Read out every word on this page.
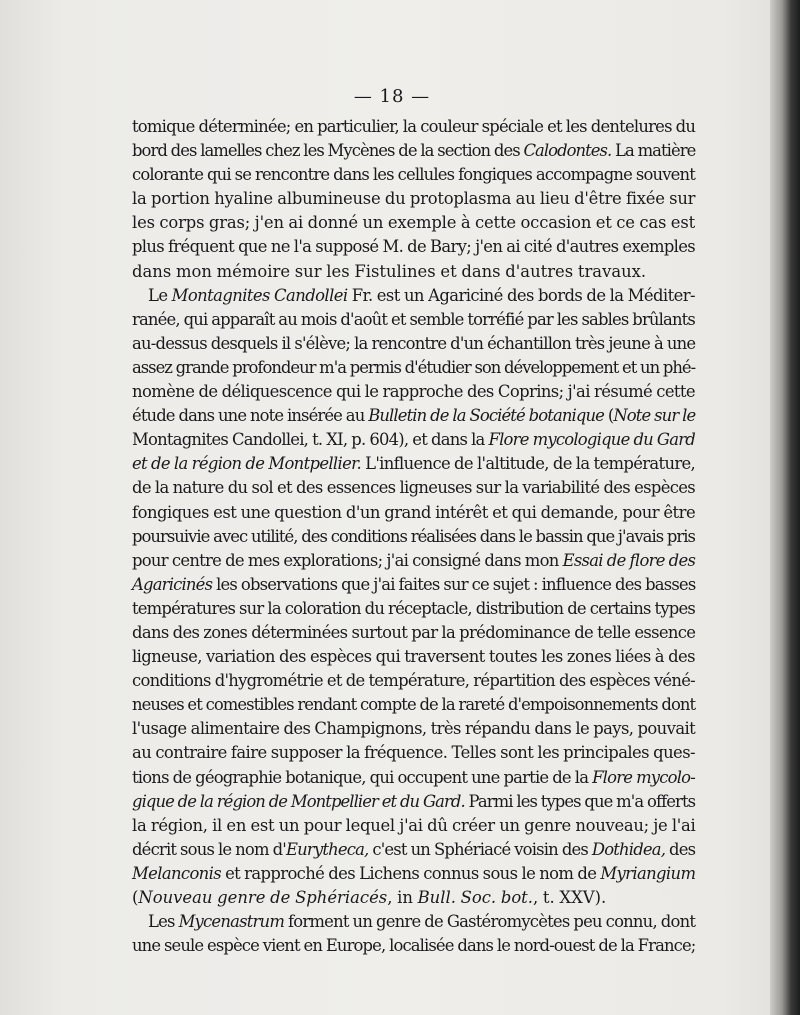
— 18 —
tomique déterminée; en particulier, la couleur spéciale et les dentelures du
bord des lamelles chez les Mycènes de la section des Calodontes. La matière
colorante qui se rencontre dans les cellules fongiques accompagne souvent
la portion hyaline albumineuse du protoplasma au lieu d'être fixée sur
les corps gras; j'en ai donné un exemple à cette occasion et ce cas est
plus fréquent que ne l'a supposé M. de Bary; j'en ai cité d'autres exemples
dans mon mémoire sur les Fistulines et dans d'autres travaux.
Le Montagnites Candollei Fr. est un Agariciné des bords de la Méditer-
ranée, qui apparaît au mois d'août et semble torréfié par les sables brûlants
au-dessus desquels il s'élève; la rencontre d'un échantillon très jeune à une
assez grande profondeur m'a permis d'étudier son développement et un phé-
nomène de déliquescence qui le rapproche des Coprins; j'ai résumé cette
étude dans une note insérée au Bulletin de la Société botanique (Note sur le
Montagnites Candollei, t. XI, p. 604), et dans la Flore mycologique du Gard
et de la région de Montpellier. L'influence de l'altitude, de la température,
de la nature du sol et des essences ligneuses sur la variabilité des espèces
fongiques est une question d'un grand intérêt et qui demande, pour être
poursuivie avec utilité, des conditions réalisées dans le bassin que j'avais pris
pour centre de mes explorations; j'ai consigné dans mon Essai de flore des
Agaricinés les observations que j'ai faites sur ce sujet : influence des basses
températures sur la coloration du réceptacle, distribution de certains types
dans des zones déterminées surtout par la prédominance de telle essence
ligneuse, variation des espèces qui traversent toutes les zones liées à des
conditions d'hygrométrie et de température, répartition des espèces véné-
neuses et comestibles rendant compte de la rareté d'empoisonnements dont
l'usage alimentaire des Champignons, très répandu dans le pays, pouvait
au contraire faire supposer la fréquence. Telles sont les principales ques-
tions de géographie botanique, qui occupent une partie de la Flore mycolo-
gique de la région de Montpellier et du Gard. Parmi les types que m'a offerts
la région, il en est un pour lequel j'ai dû créer un genre nouveau; je l'ai
décrit sous le nom d'Eurytheca, c'est un Sphériacé voisin des Dothidea, des
Melanconis et rapproché des Lichens connus sous le nom de Myriangium
(Nouveau genre de Sphériacés, in Bull. Soc. bot., t. XXV).
Les Mycenastrum forment un genre de Gastéromycètes peu connu, dont
une seule espèce vient en Europe, localisée dans le nord-ouest de la France;
